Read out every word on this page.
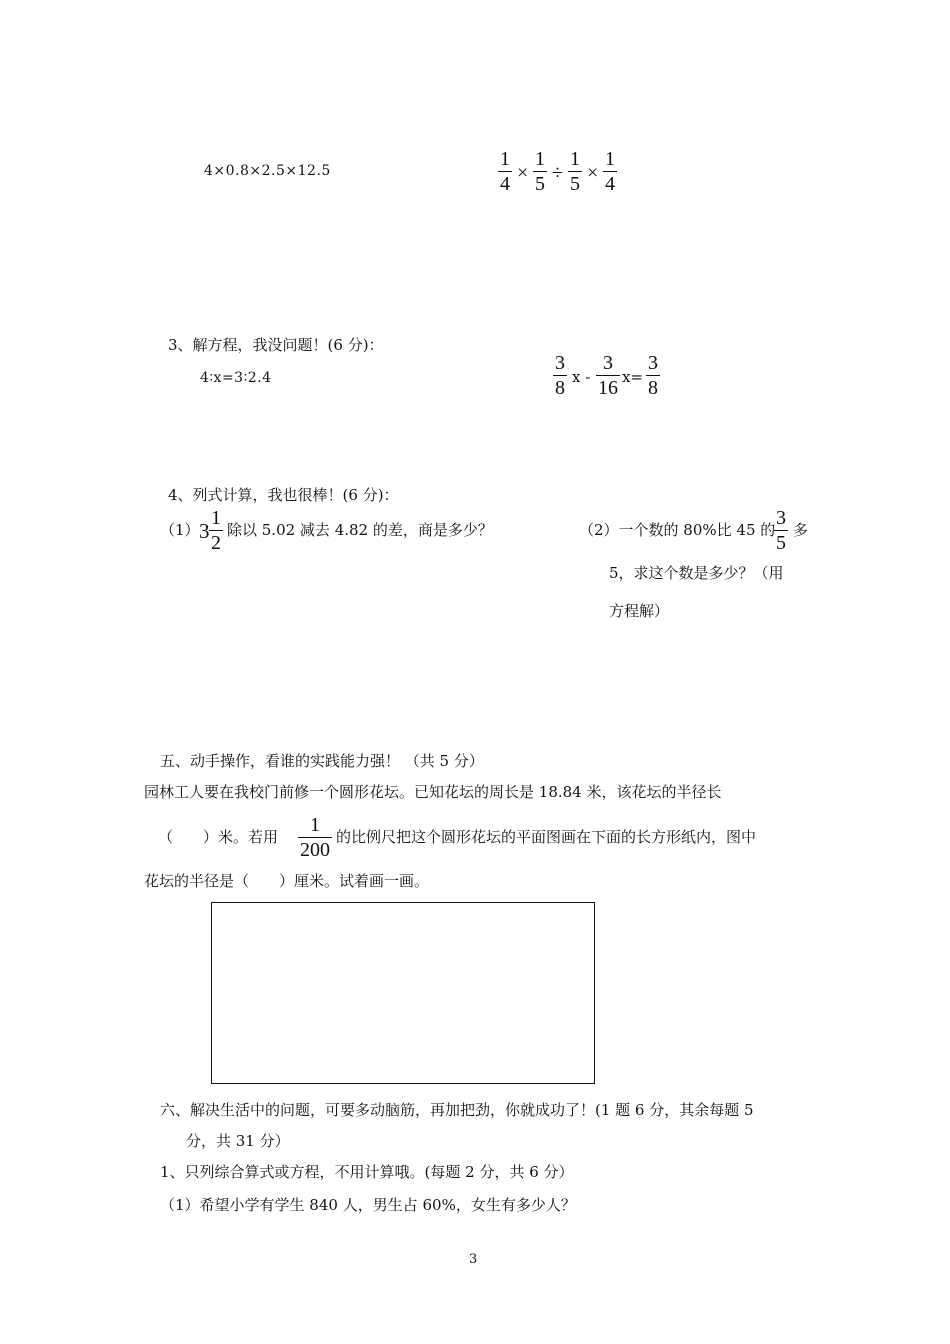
4×0.8×2.5×12.5
1
4 ×
1
5 ÷
1
5 ×
1
4
3、解方程，我没问题！(6 分)：
4∶x=3∶2.4
3
8 x -
3
16 x=
3
8
4、列式计算，我也很棒！(6 分)：
（1） 3
1
2
除以 5.02 减去 4.82 的差，商是多少？	（2）一个数的 80%比 45 的
3
5
多
5，求这个数是多少？（用
方程解）
五、动手操作，看谁的实践能力强！ （共 5 分）
园林工人要在我校门前修一个圆形花坛。已知花坛的周长是 18.84 米，该花坛的半径长
（　　）米。若用
1
200
的比例尺把这个圆形花坛的平面图画在下面的长方形纸内，图中
花坛的半径是（　　）厘米。试着画一画。
六、解决生活中的问题，可要多动脑筋，再加把劲，你就成功了！(1 题 6 分，其余每题 5
分，共 31 分）
1、只列综合算式或方程，不用计算哦。(每题 2 分，共 6 分）
（1）希望小学有学生 840 人，男生占 60%，女生有多少人？
3
